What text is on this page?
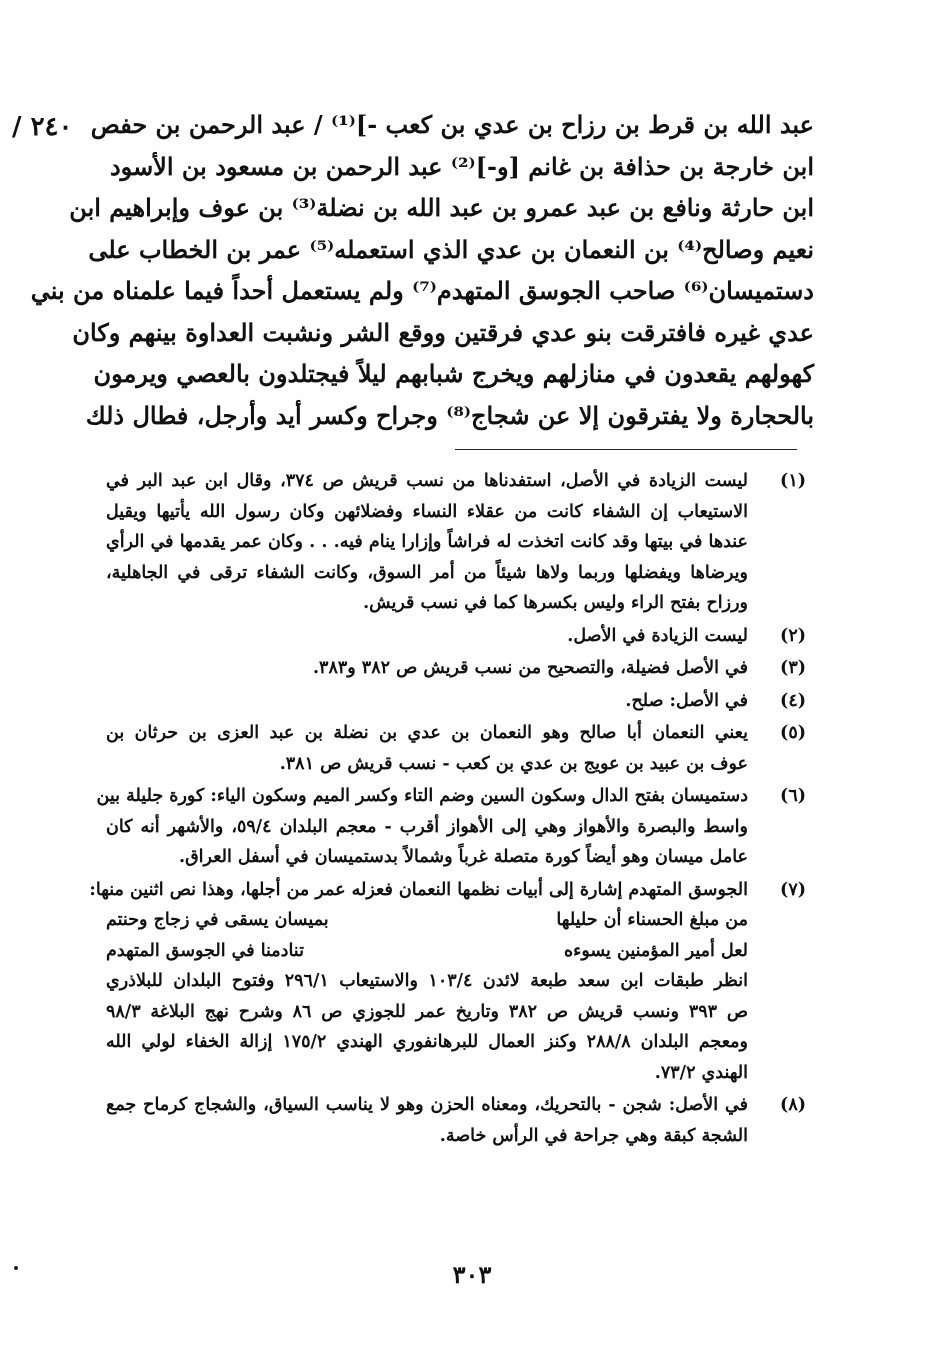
٢٤٠ / عبد الله بن قرط بن رزاح بن عدي بن كعب -]⁽¹⁾ / عبد الرحمن بن حفص
ابن خارجة بن حذافة بن غانم [و-]⁽²⁾ عبد الرحمن بن مسعود بن الأسود
ابن حارثة ونافع بن عبد عمرو بن عبد الله بن نضلة⁽³⁾ بن عوف وإبراهيم ابن
نعيم وصالح⁽⁴⁾ بن النعمان بن عدي الذي استعمله⁽⁵⁾ عمر بن الخطاب على
دستميسان⁽⁶⁾ صاحب الجوسق المتهدم⁽⁷⁾ ولم يستعمل أحداً فيما علمناه من بني
عدي غيره فافترقت بنو عدي فرقتين ووقع الشر ونشبت العداوة بينهم وكان
كهولهم يقعدون في منازلهم ويخرج شبابهم ليلاً فيجتلدون بالعصي ويرمون
بالحجارة ولا يفترقون إلا عن شجاج⁽⁸⁾ وجراح وكسر أيد وأرجل، فطال ذلك
(١)
ليست الزيادة في الأصل، استفدناها من نسب قريش ص ٣٧٤، وقال ابن عبد البر في
الاستيعاب إن الشفاء كانت من عقلاء النساء وفضلائهن وكان رسول الله يأتيها ويقيل
عندها في بيتها وقد كانت اتخذت له فراشاً وإزارا ينام فيه. . . وكان عمر يقدمها في الرأي
ويرضاها ويفضلها وربما ولاها شيئاً من أمر السوق، وكانت الشفاء ترقى في الجاهلية،
ورزاح بفتح الراء وليس بكسرها كما في نسب قريش.
(٢)
ليست الزيادة في الأصل.
(٣)
في الأصل فضيلة، والتصحيح من نسب قريش ص ٣٨٢ و٣٨٣.
(٤)
في الأصل: صلح.
(٥)
يعني النعمان أبا صالح وهو النعمان بن عدي بن نضلة بن عبد العزى بن حرثان بن
عوف بن عبيد بن عويج بن عدي بن كعب - نسب قريش ص ٣٨١.
(٦)
دستميسان بفتح الدال وسكون السين وضم التاء وكسر الميم وسكون الياء: كورة جليلة بين
واسط والبصرة والأهواز وهي إلى الأهواز أقرب - معجم البلدان ٥٩/٤، والأشهر أنه كان
عامل ميسان وهو أيضاً كورة متصلة غرباً وشمالاً بدستميسان في أسفل العراق.
(٧)
الجوسق المتهدم إشارة إلى أبيات نظمها النعمان فعزله عمر من أجلها، وهذا نص اثنين منها:
من مبلغ الحسناء أن حليلها
بميسان يسقى في زجاج وحنتم
لعل أمير المؤمنين يسوءه
تنادمنا في الجوسق المتهدم
انظر طبقات ابن سعد طبعة لائدن ١٠٣/٤ والاستيعاب ٢٩٦/١ وفتوح البلدان للبلاذري
ص ٣٩٣ ونسب قريش ص ٣٨٢ وتاريخ عمر للجوزي ص ٨٦ وشرح نهج البلاغة ٩٨/٣
ومعجم البلدان ٢٨٨/٨ وكنز العمال للبرهانفوري الهندي ١٧٥/٢ إزالة الخفاء لولي الله
الهندي ٧٣/٢.
(٨)
في الأصل: شجن - بالتحريك، ومعناه الحزن وهو لا يناسب السياق، والشجاج كرماح جمع
الشجة كبقة وهي جراحة في الرأس خاصة.
٣٠٣
